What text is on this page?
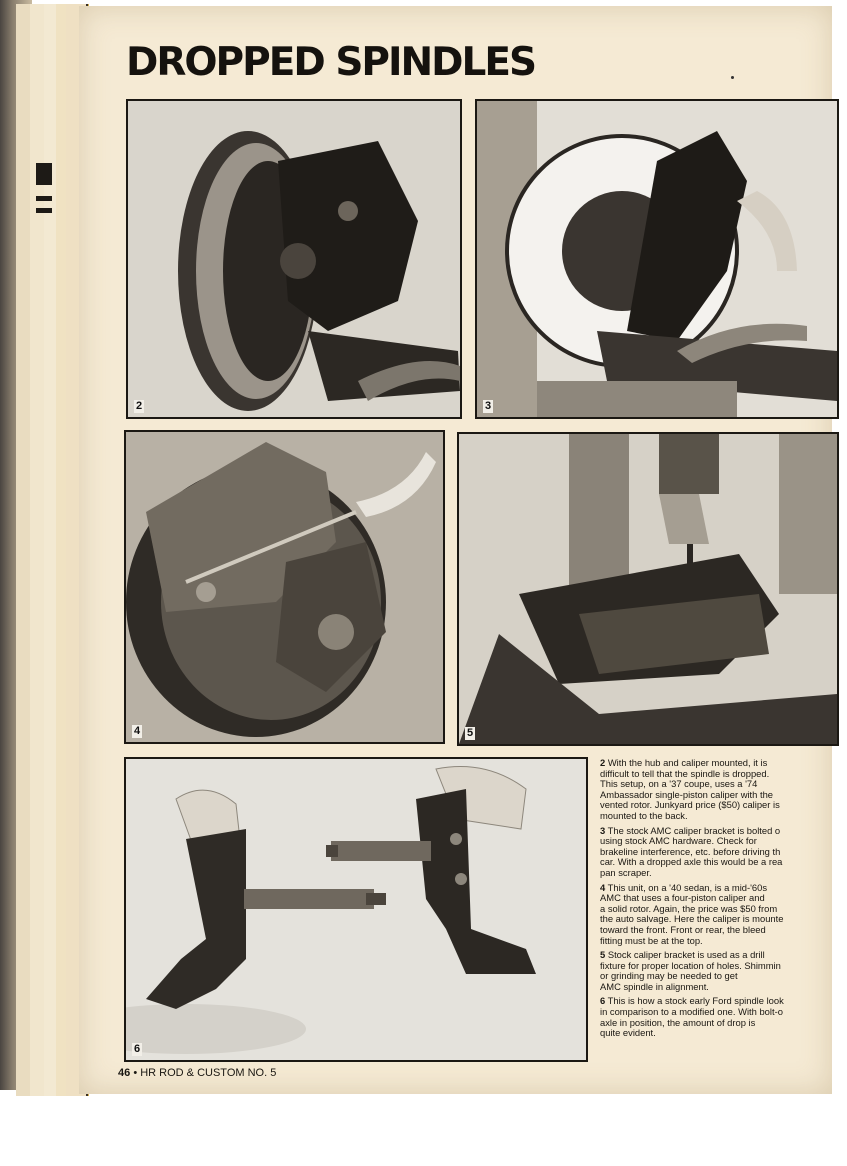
DROPPED SPINDLES
2	3
4	5
6
2 With the hub and caliper mounted, it is
difficult to tell that the spindle is dropped.
This setup, on a '37 coupe, uses a '74
Ambassador single-piston caliper with the
vented rotor. Junkyard price ($50) caliper is
mounted to the back.
3 The stock AMC caliper bracket is bolted o
using stock AMC hardware. Check for
brakeline interference, etc. before driving th
car. With a dropped axle this would be a rea
pan scraper.
4 This unit, on a '40 sedan, is a mid-'60s
AMC that uses a four-piston caliper and
a solid rotor. Again, the price was $50 from
the auto salvage. Here the caliper is mounte
toward the front. Front or rear, the bleed
fitting must be at the top.
5 Stock caliper bracket is used as a drill
fixture for proper location of holes. Shimmin
or grinding may be needed to get
AMC spindle in alignment.
6 This is how a stock early Ford spindle look
in comparison to a modified one. With bolt-o
axle in position, the amount of drop is
quite evident.
46 • HR ROD & CUSTOM NO. 5
